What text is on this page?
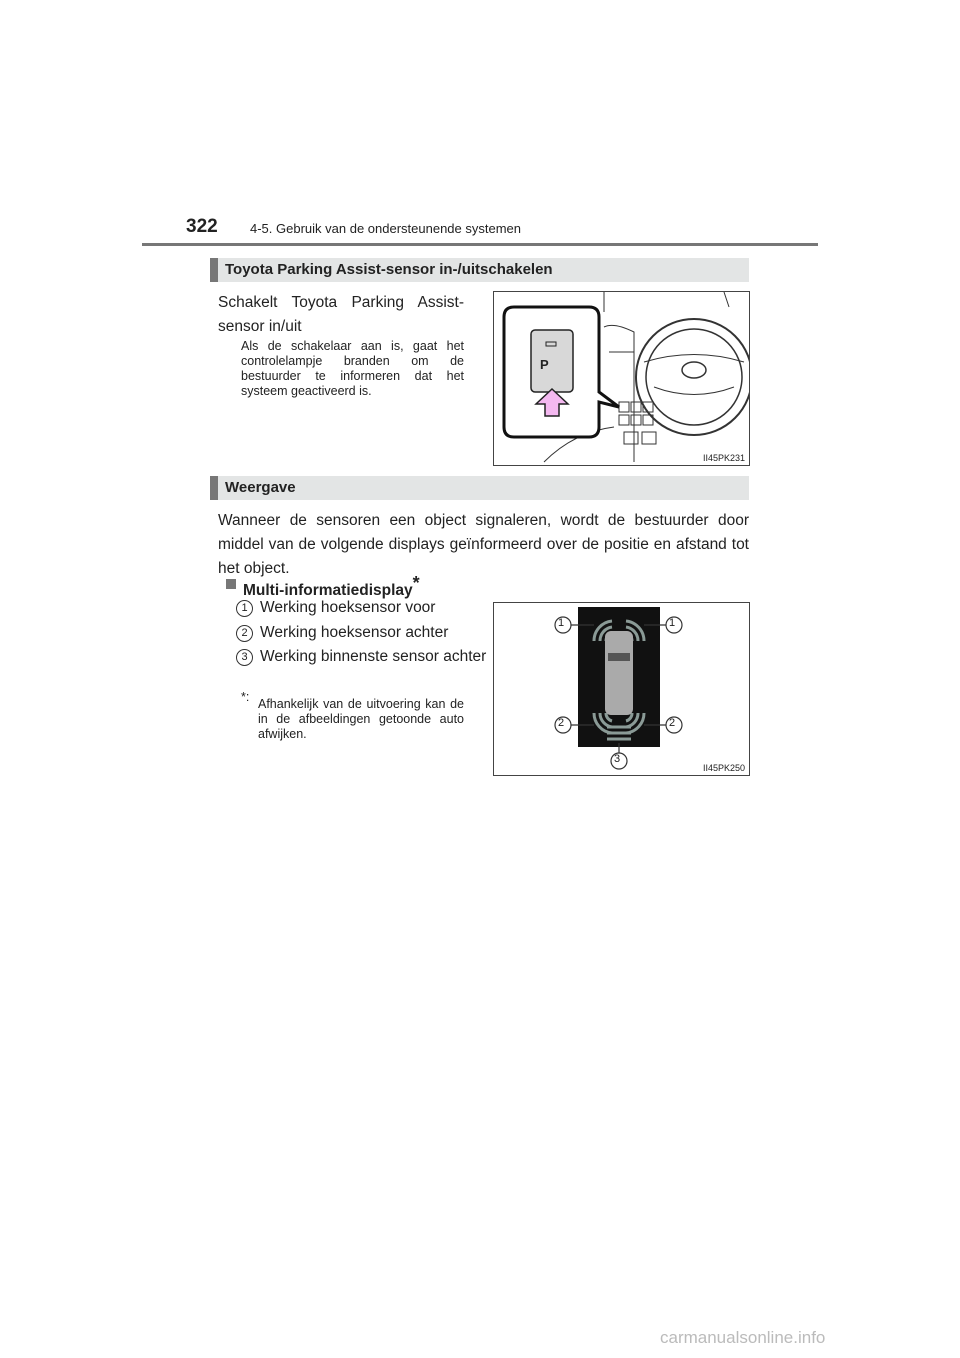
322 4-5. Gebruik van de ondersteunende systemen
Toyota Parking Assist-sensor in-/uitschakelen
Schakelt Toyota Parking Assist-sensor in/uit
Als de schakelaar aan is, gaat het controlelampje branden om de bestuurder te informeren dat het systeem geactiveerd is.
P
II45PK231
Weergave
Wanneer de sensoren een object signaleren, wordt de bestuurder door middel van de volgende displays geïnformeerd over de positie en afstand tot het object.
Multi-informatiedisplay*
1 Werking hoeksensor voor
2 Werking hoeksensor achter
3 Werking binnenste sensor achter
*: Afhankelijk van de uitvoering kan de in de afbeeldingen getoonde auto afwijken.
1	1
2	2
3
II45PK250
carmanualsonline.info
